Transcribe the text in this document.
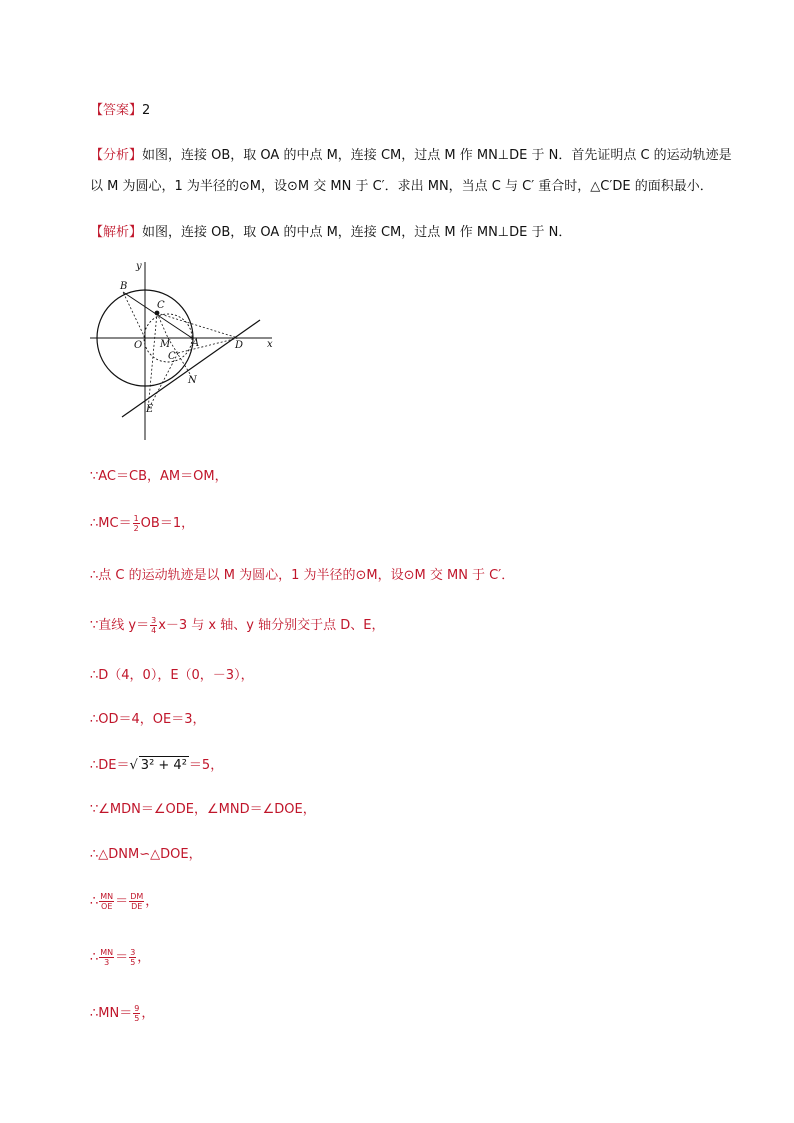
【答案】2
【分析】如图，连接 OB，取 OA 的中点 M，连接 CM，过点 M 作 MN⊥DE 于 N．首先证明点 C 的运动轨迹是
以 M 为圆心，1 为半径的⊙M，设⊙M 交 MN 于 C′．求出 MN，当点 C 与 C′ 重合时，△C′DE 的面积最小．
【解析】如图，连接 OB，取 OA 的中点 M，连接 CM，过点 M 作 MN⊥DE 于 N．
B
C
O M A	D
C′
N
E
x
y
∵AC＝CB，AM＝OM，
∴MC＝ $\frac{1}{2} OB=1$，
∴点 C 的运动轨迹是以 M 为圆心，1 为半径的⊙M，设⊙M 交 MN 于 C′．
∵直线 $y= \frac{3}{4} x-3$ 与 x 轴、y 轴分别交于点 D、E，
∴D（4，0），E（0，－3），
∴OD＝4，OE＝3，
∴DE＝√ 3² + 4² ＝5，
∵∠MDN＝∠ODE，∠MND＝∠DOE，
∴△DNM∽△DOE，
∴ $\frac{MN}{OE} = \frac{DM}{DE}$ ，
∴ $\frac{MN}{3} = \frac{3}{5}$ ，
∴MN＝ $\frac{9}{5}$ ，
